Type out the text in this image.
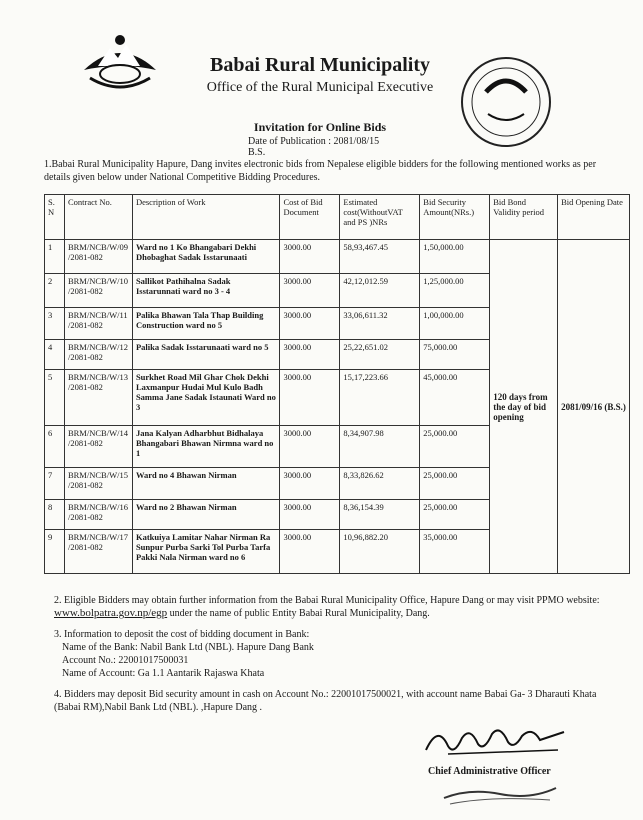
Babai Rural Municipality
Office of the Rural Municipal Executive
Invitation for Online Bids
Date of Publication : 2081/08/15 B.S.
1.Babai Rural Municipality Hapure, Dang invites electronic bids from Nepalese eligible bidders for the following mentioned works as per details given below under National Competitive Bidding Procedures.
S. N	Contract No.	Description of Work	Cost of Bid Document	Estimated cost(WithoutVAT and PS )NRs	Bid Security Amount(NRs.)	Bid Bond Validity period	Bid Opening Date
1	BRM/NCB/W/09 /2081-082	Ward no 1 Ko Bhangabari Dekhi Dhobaghat Sadak Isstarunaati	3000.00	58,93,467.45	1,50,000.00	120 days from the day of bid opening	2081/09/16 (B.S.)
2	BRM/NCB/W/10 /2081-082	Sallikot Pathihalna Sadak Isstarunnati ward no 3 - 4	3000.00	42,12,012.59	1,25,000.00		
3	BRM/NCB/W/11 /2081-082	Palika Bhawan Tala Thap Building Construction ward no 5	3000.00	33,06,611.32	1,00,000.00		
4	BRM/NCB/W/12 /2081-082	Palika Sadak Isstarunaati ward no 5	3000.00	25,22,651.02	75,000.00		
5	BRM/NCB/W/13 /2081-082	Surkhet Road Mil Ghar Chok Dekhi Laxmanpur Hudai Mul Kulo Badh Samma Jane Sadak Istaunati Ward no 3	3000.00	15,17,223.66	45,000.00		
6	BRM/NCB/W/14 /2081-082	Jana Kalyan Adharbhut Bidhalaya Bhangabari Bhawan Nirmna ward no 1	3000.00	8,34,907.98	25,000.00		
7	BRM/NCB/W/15 /2081-082	Ward no 4 Bhawan Nirman	3000.00	8,33,826.62	25,000.00		
8	BRM/NCB/W/16 /2081-082	Ward no 2 Bhawan Nirman	3000.00	8,36,154.39	25,000.00		
9	BRM/NCB/W/17 /2081-082	Katkuiya Lamitar Nahar Nirman Ra Sunpur Purba Sarki Tol Purba Tarfa Pakki Nala Nirman ward no 6	3000.00	10,96,882.20	35,000.00		

2. Eligible Bidders may obtain further information from the Babai Rural Municipality Office, Hapure Dang or may visit PPMO website: www.bolpatra.gov.np/egp under the name of public Entity Babai Rural Municipality, Dang.

3. Information to deposit the cost of bidding document in Bank:
Name of the Bank: Nabil Bank Ltd (NBL). Hapure Dang Bank
Account No.: 22001017500031
Name of Account: Ga 1.1 Aantarik Rajaswa Khata

4. Bidders may deposit Bid security amount in cash on Account No.: 22001017500021, with account name Babai Ga- 3 Dharauti Khata (Babai RM),Nabil Bank Ltd (NBL). ,Hapure Dang .

Chief Administrative Officer
